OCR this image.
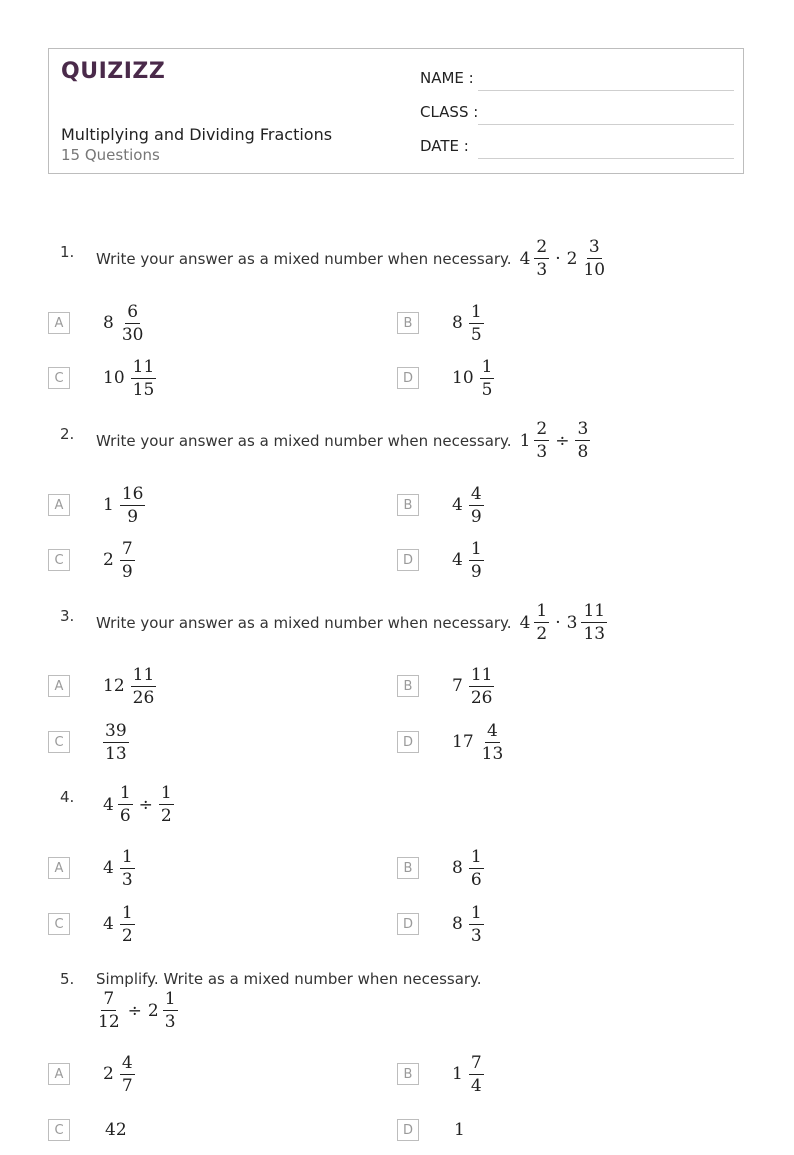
QUIZIZZ
Multiplying and Dividing Fractions
15 Questions
NAME :
CLASS :
DATE :
1. Write your answer as a mixed number when necessary. $4 \frac{2}{3} \cdot 2 \frac{3}{10}$
A	$8 \frac{6}{30}$	B	$8 \frac{1}{5}$
C	$10 \frac{11}{15}$	D	$10 \frac{1}{5}$
2. Write your answer as a mixed number when necessary. $1 \frac{2}{3} \div \frac{3}{8}$
A	$1 \frac{16}{9}$	B	$4 \frac{4}{9}$
C	$2 \frac{7}{9}$	D	$4 \frac{1}{9}$
3. Write your answer as a mixed number when necessary. $4 \frac{1}{2} \cdot 3 \frac{11}{13}$
A	$12 \frac{11}{26}$	B	$7 \frac{11}{26}$
C	$\frac{39}{13}$	D	$17 \frac{4}{13}$
4. $4 \frac{1}{6} \div \frac{1}{2}$
A	$4 \frac{1}{3}$	B	$8 \frac{1}{6}$
C	$4 \frac{1}{2}$	D	$8 \frac{1}{3}$
5. Simplify. Write as a mixed number when necessary.
$\frac{7}{12} \div 2 \frac{1}{3}$
A	$2 \frac{4}{7}$	B	$1 \frac{7}{4}$
C	42	D	1
